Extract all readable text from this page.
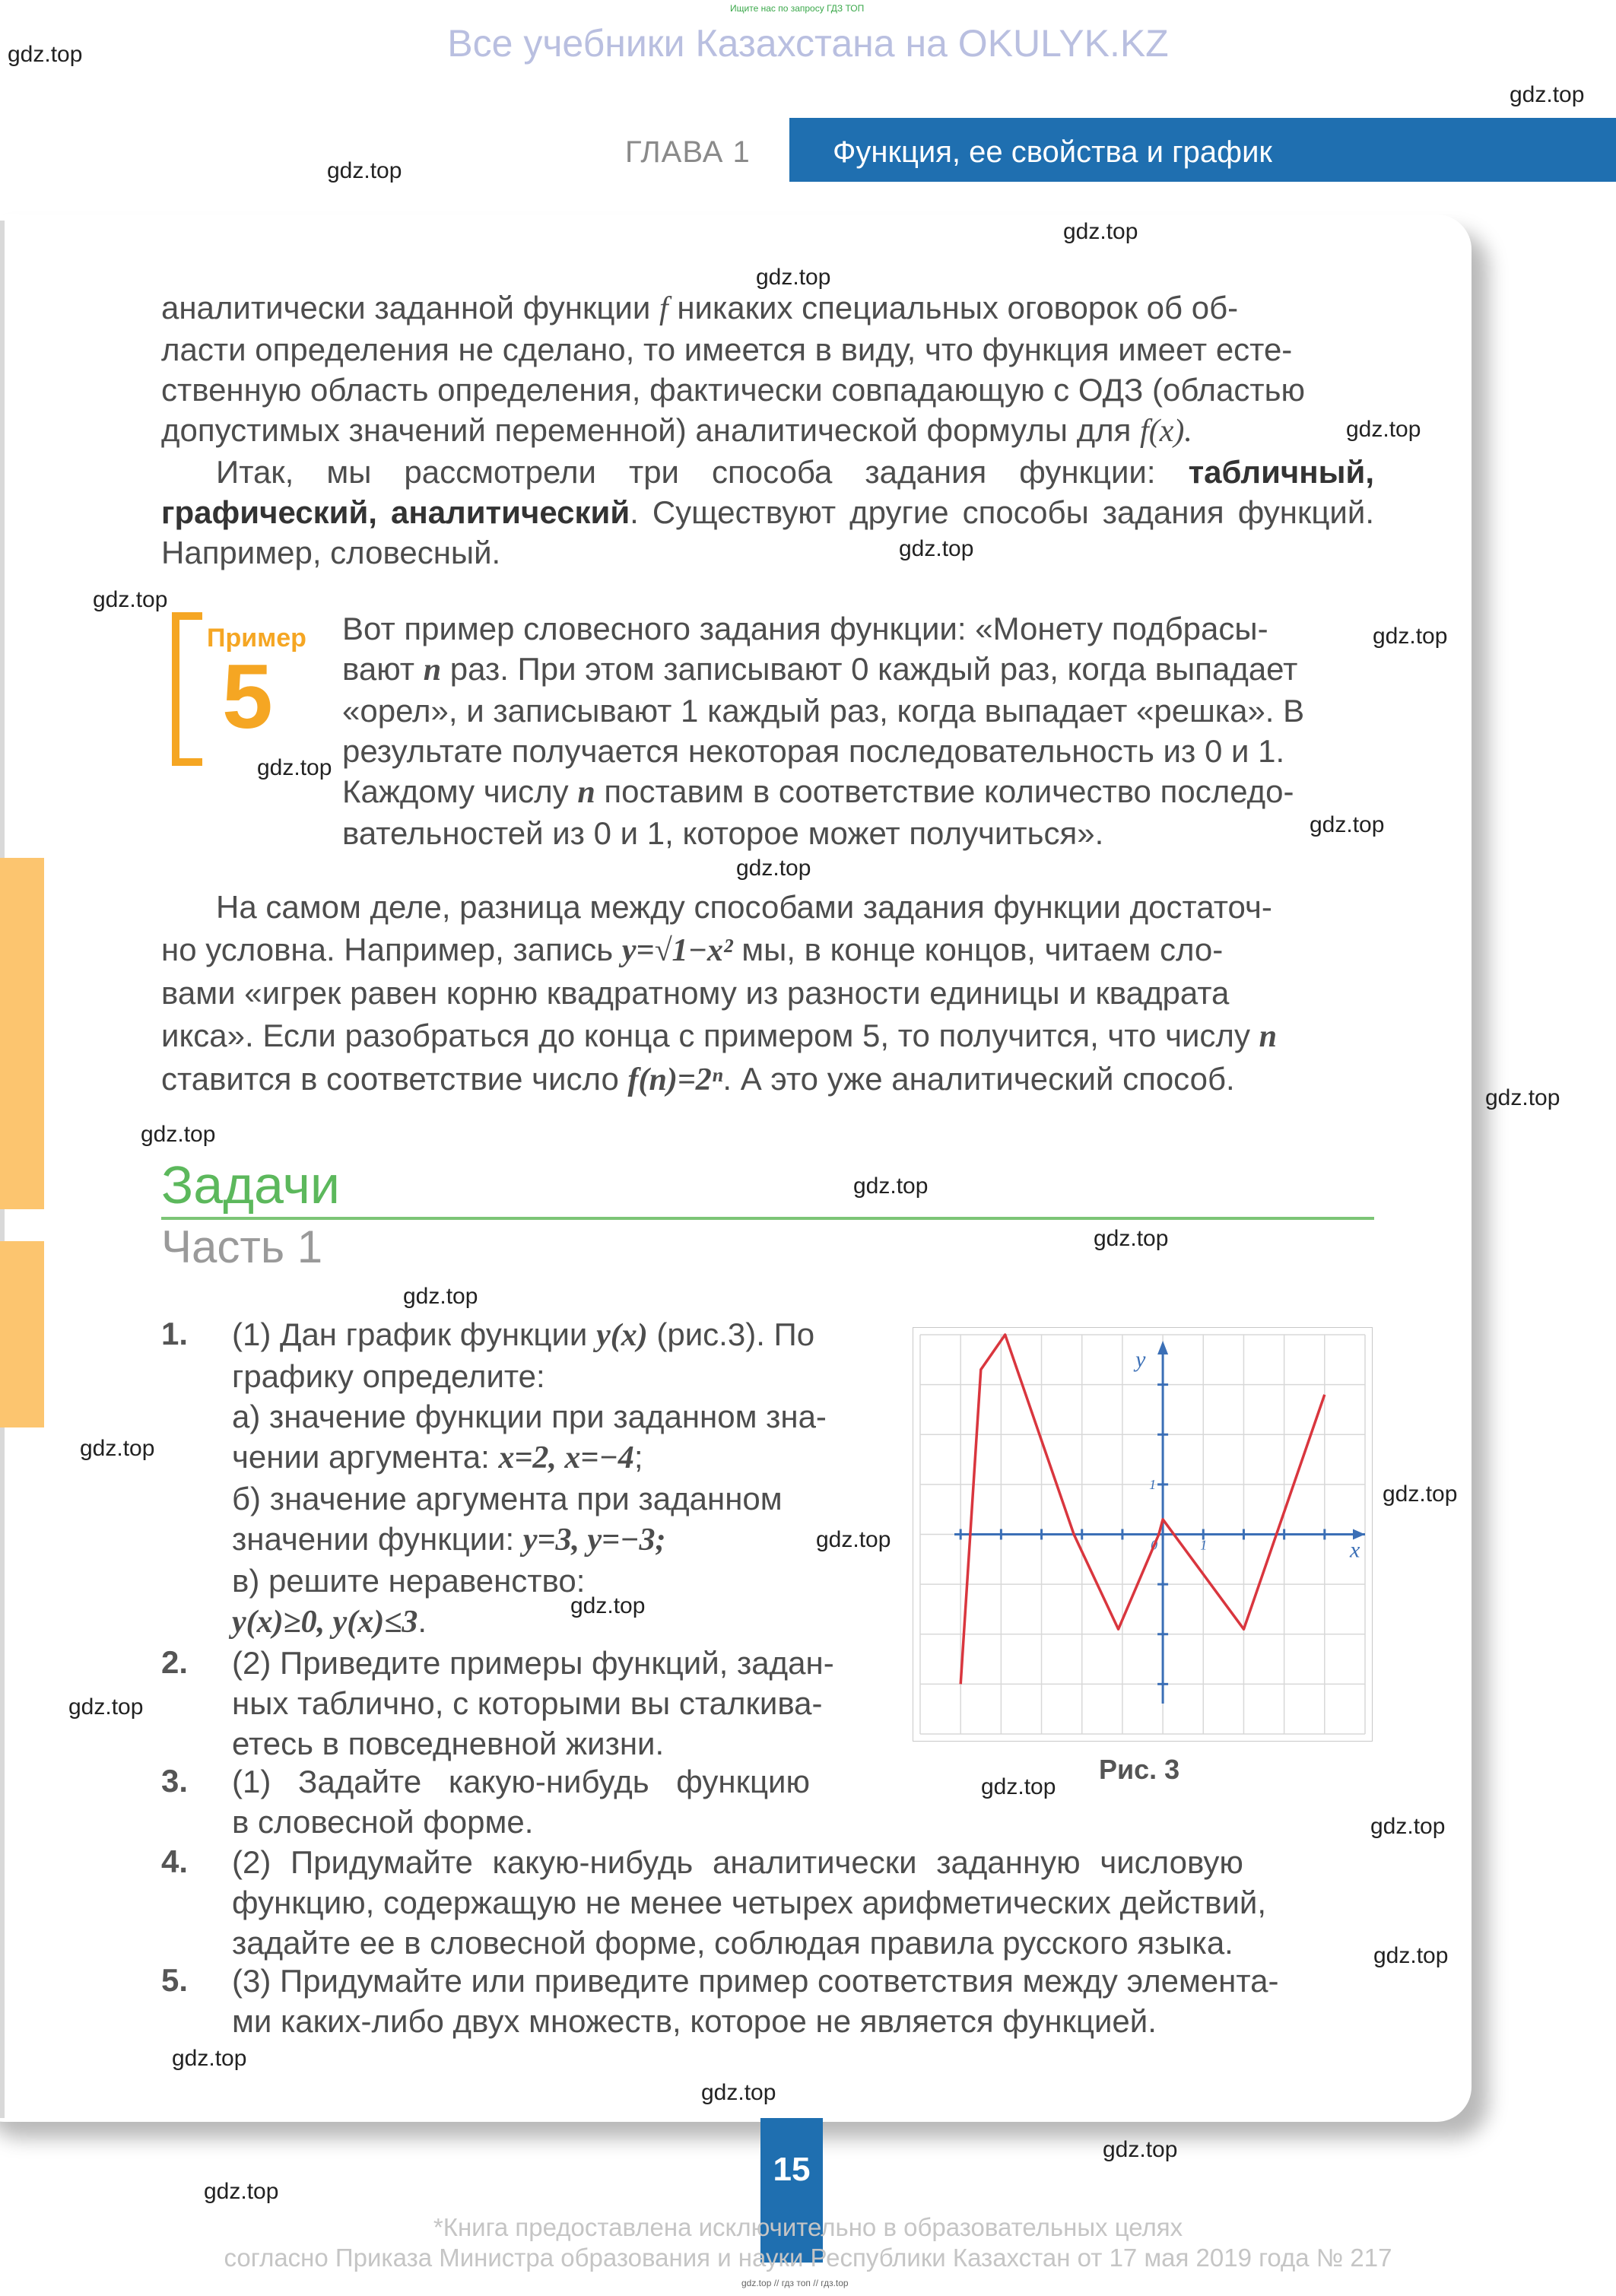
Ищите нас по запросу ГДЗ ТОП
Все учебники Казахстана на OKULYK.KZ
ГЛАВА 1	Функция, ее свойства и график
аналитически заданной функции f никаких специальных оговорок об об-
ласти определения не сделано, то имеется в виду, что функция имеет есте-
ственную область определения, фактически совпадающую с ОДЗ (областью
допустимых значений переменной) аналитической формулы для f(x).
Итак, мы рассмотрели три способа задания функции: табличный, графический, аналитический. Существуют другие способы задания функций. Например, словесный.
Пример
5
Вот пример словесного задания функции: «Монету подбрасы-
вают n раз. При этом записывают 0 каждый раз, когда выпадает
«орел», и записывают 1 каждый раз, когда выпадает «решка». В
результате получается некоторая последовательность из 0 и 1.
Каждому числу n поставим в соответствие количество последо-
вательностей из 0 и 1, которое может получиться».
На самом деле, разница между способами задания функции достаточ-
но условна. Например, запись y=√1−x² мы, в конце концов, читаем сло-
вами «игрек равен корню квадратному из разности единицы и квадрата
икса». Если разобраться до конца с примером 5, то получится, что числу n
ставится в соответствие число f(n)=2ⁿ. А это уже аналитический способ.
Задачи
Часть 1
1. (1) Дан график функции y(x) (рис.3). По
графику определите:
а) значение функции при заданном зна-
чении аргумента: x=2, x=−4;
б) значение аргумента при заданном
значении функции: y=3, y=−3;
в) решите неравенство:
y(x)≥0, y(x)≤3.
2. (2) Приведите примеры функций, задан-
ных таблично, с которыми вы сталкива-
етесь в повседневной жизни.
3. (1) Задайте какую-нибудь функцию
в словесной форме.
4. (2) Придумайте какую-нибудь аналитически заданную числовую
функцию, содержащую не менее четырех арифметических действий,
задайте ее в словесной форме, соблюдая правила русского языка.
5. (3) Придумайте или приведите пример соответствия между элемента-
ми каких-либо двух множеств, которое не является функцией.
x
y
1
1
0
Рис. 3
15
*Книга предоставлена исключительно в образовательных целях
согласно Приказа Министра образования и науки Республики Казахстан от 17 мая 2019 года № 217
gdz.top // гдз топ // гдз.top
gdz.top
gdz.top
gdz.top
gdz.top
gdz.top
gdz.top
gdz.top
gdz.top
gdz.top
gdz.top
gdz.top
gdz.top
gdz.top
gdz.top
gdz.top
gdz.top
gdz.top
gdz.top
gdz.top
gdz.top
gdz.top
gdz.top
gdz.top
gdz.top
gdz.top
gdz.top
gdz.top
gdz.top
gdz.top
